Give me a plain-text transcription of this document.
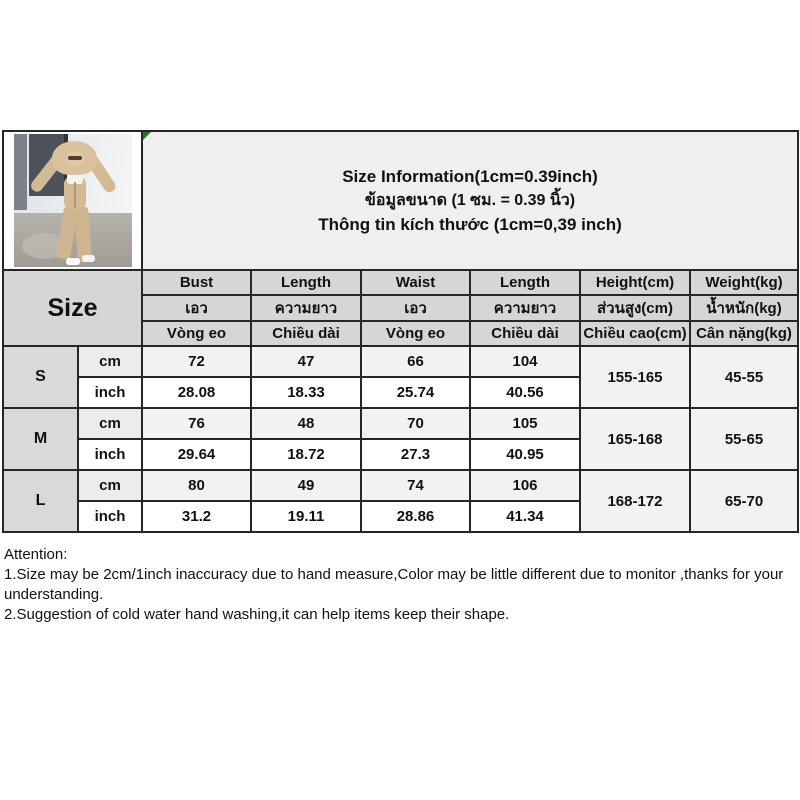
		Size Information(1cm=0.39inch)
ข้อมูลขนาด (1 ซม. = 0.39 นิ้ว)
Thông tin kích thước (1cm=0,39 inch)					

Size		Bust	Length	Waist	Length	Height(cm)	Weight(kg)
		เอว	ความยาว	เอว	ความยาว	ส่วนสูง(cm)	น้ำหนัก(kg)
		Vòng eo	Chiều dài	Vòng eo	Chiều dài	Chiều cao(cm)	Cân nặng(kg)
S	cm	72	47	66	104	155-165	45-55
	inch	28.08	18.33	25.74	40.56		
M	cm	76	48	70	105	165-168	55-65
	inch	29.64	18.72	27.3	40.95		
L	cm	80	49	74	106	168-172	65-70
	inch	31.2	19.11	28.86	41.34		
Attention:
1.Size may be 2cm/1inch inaccuracy due to hand measure,Color may be little different due to monitor ,thanks for your understanding.
2.Suggestion of cold water hand washing,it can help items keep their shape.
